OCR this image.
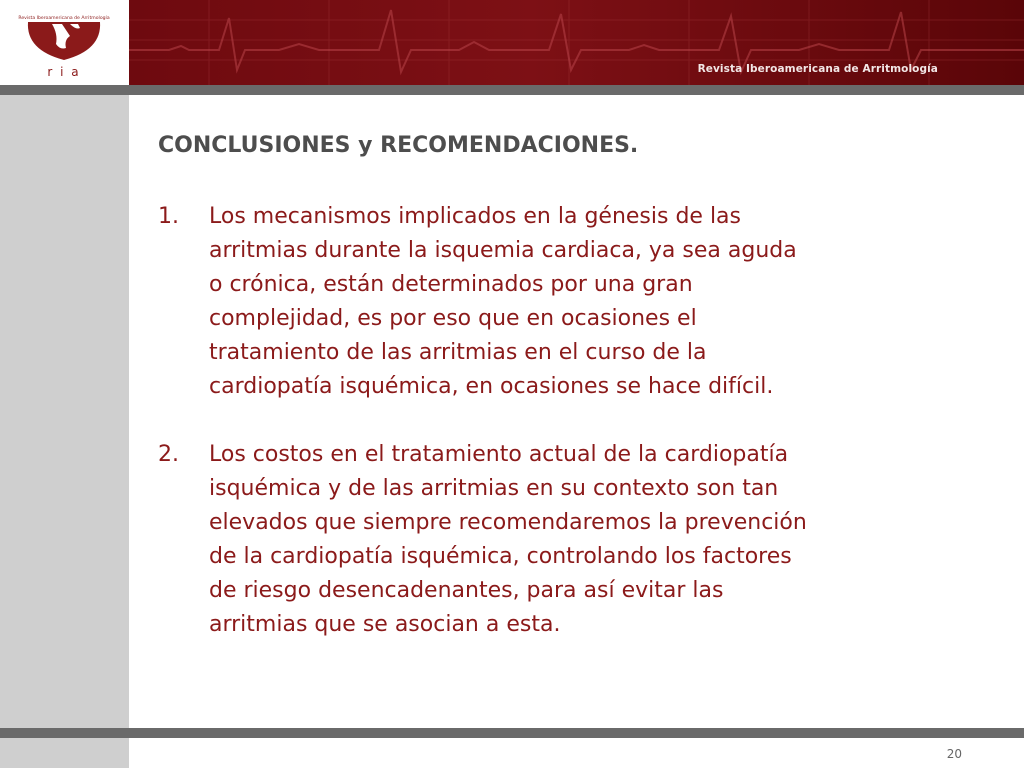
Revista Iberoamericana de Arritmología
r i a	Revista Iberoamericana de Arritmología
CONCLUSIONES y RECOMENDACIONES.
1. Los mecanismos implicados en la génesis de las
arritmias durante la isquemia cardiaca, ya sea aguda
o crónica, están determinados por una gran
complejidad, es por eso que en ocasiones el
tratamiento de las arritmias en el curso de la
cardiopatía isquémica, en ocasiones se hace difícil.
2. Los costos en el tratamiento actual de la cardiopatía
isquémica y de las arritmias en su contexto son tan
elevados que siempre recomendaremos la prevención
de la cardiopatía isquémica, controlando los factores
de riesgo desencadenantes, para así evitar las
arritmias que se asocian a esta.
20
